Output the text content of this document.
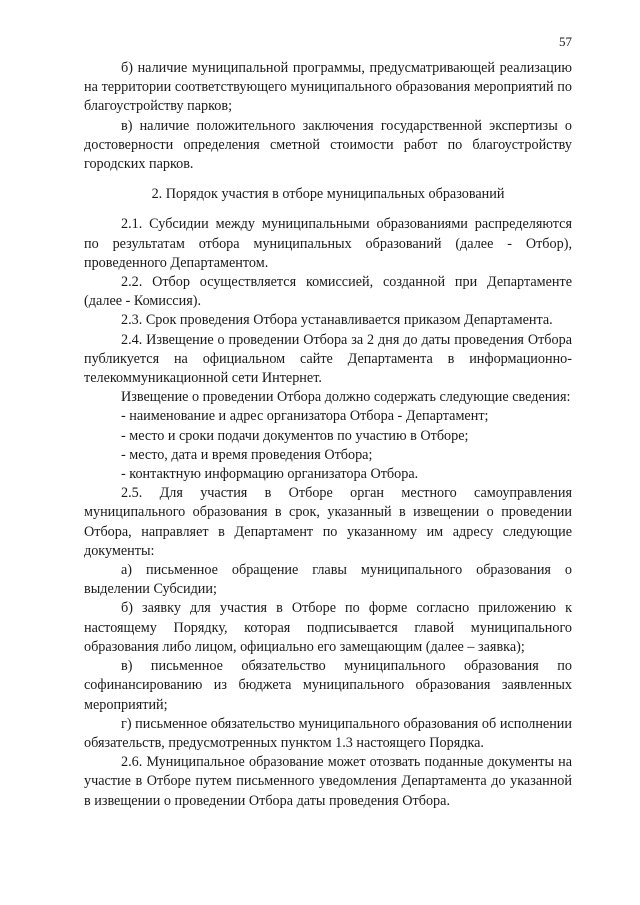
57

б) наличие муниципальной программы, предусматривающей реализацию на территории соответствующего муниципального образования мероприятий по благоустройству парков;

в) наличие положительного заключения государственной экспертизы о достоверности определения сметной стоимости работ по благоустройству городских парков.

2. Порядок участия в отборе муниципальных образований

2.1. Субсидии между муниципальными образованиями распределяются по результатам отбора муниципальных образований (далее - Отбор), проведенного Департаментом.

2.2. Отбор осуществляется комиссией, созданной при Департаменте (далее - Комиссия).

2.3. Срок проведения Отбора устанавливается приказом Департамента.

2.4. Извещение о проведении Отбора за 2 дня до даты проведения Отбора публикуется на официальном сайте Департамента в информационно-телекоммуникационной сети Интернет.

Извещение о проведении Отбора должно содержать следующие сведения:

- наименование и адрес организатора Отбора - Департамент;

- место и сроки подачи документов по участию в Отборе;

- место, дата и время проведения Отбора;

- контактную информацию организатора Отбора.

2.5. Для участия в Отборе орган местного самоуправления муниципального образования в срок, указанный в извещении о проведении Отбора, направляет в Департамент по указанному им адресу следующие документы:

а) письменное обращение главы муниципального образования о выделении Субсидии;

б) заявку для участия в Отборе по форме согласно приложению к настоящему Порядку, которая подписывается главой муниципального образования либо лицом, официально его замещающим (далее – заявка);

в) письменное обязательство муниципального образования по софинансированию из бюджета муниципального образования заявленных мероприятий;

г) письменное обязательство муниципального образования об исполнении обязательств, предусмотренных пунктом 1.3 настоящего Порядка.

2.6. Муниципальное образование может отозвать поданные документы на участие в Отборе путем письменного уведомления Департамента до указанной в извещении о проведении Отбора даты проведения Отбора.
